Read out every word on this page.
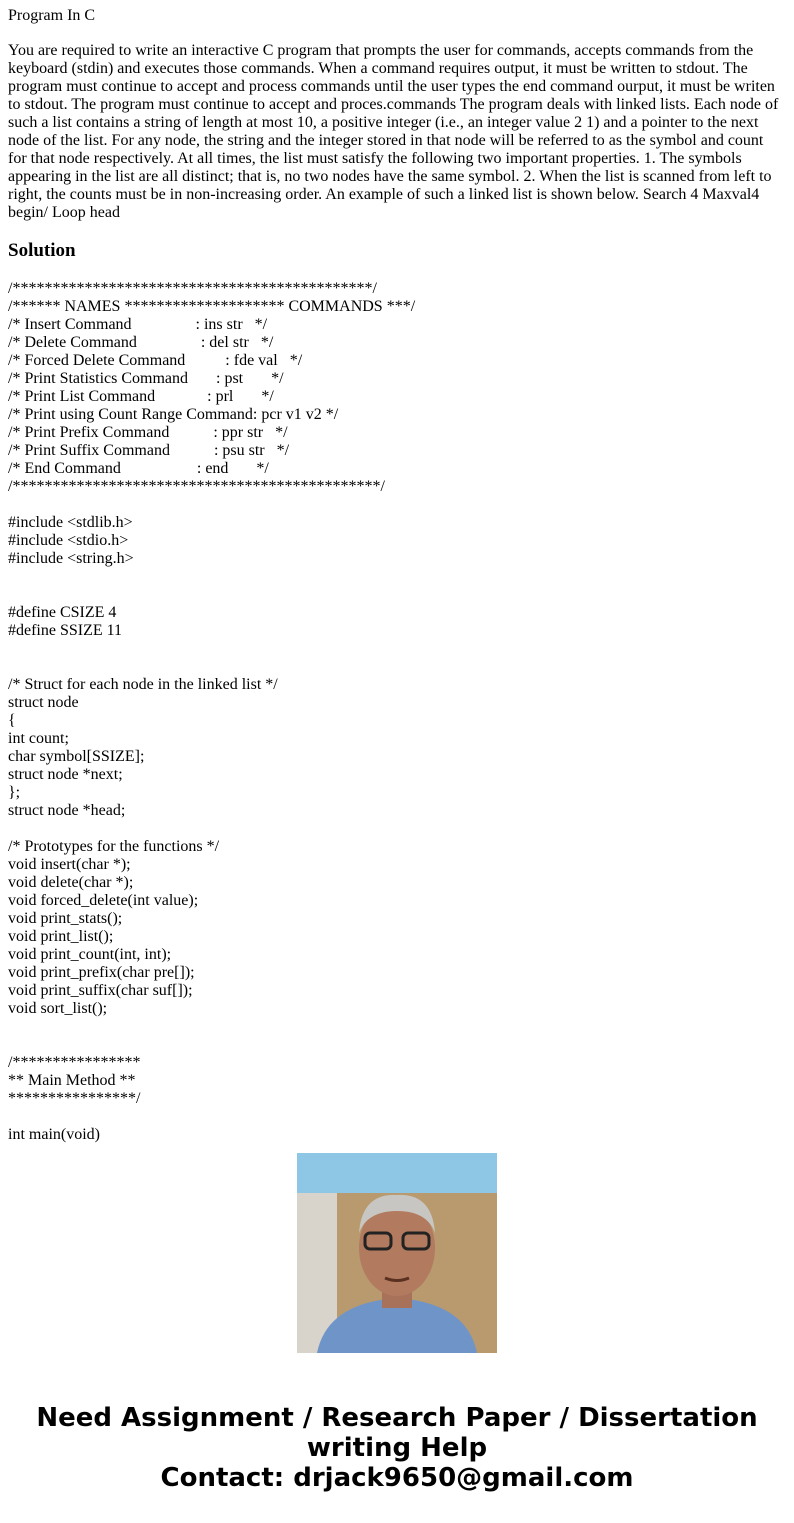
Program In C
You are required to write an interactive C program that prompts the user for commands, accepts commands from the keyboard (stdin) and executes those commands. When a command requires output, it must be written to stdout. The program must continue to accept and process commands until the user types the end command ourput, it must be writen to stdout. The program must continue to accept and proces.commands The program deals with linked lists. Each node of such a list contains a string of length at most 10, a positive integer (i.e., an integer value 2 1) and a pointer to the next node of the list. For any node, the string and the integer stored in that node will be referred to as the symbol and count for that node respectively. At all times, the list must satisfy the following two important properties. 1. The symbols appearing in the list are all distinct; that is, no two nodes have the same symbol. 2. When the list is scanned from left to right, the counts must be in non-increasing order. An example of such a linked list is shown below. Search 4 Maxval4 begin/ Loop head
Solution
/*********************************************/
/****** NAMES ******************** COMMANDS ***/
/* Insert Command                : ins str   */
/* Delete Command                : del str   */
/* Forced Delete Command          : fde val   */
/* Print Statistics Command       : pst       */
/* Print List Command             : prl       */
/* Print using Count Range Command: pcr v1 v2 */
/* Print Prefix Command           : ppr str   */
/* Print Suffix Command           : psu str   */
/* End Command                   : end       */
/**********************************************/
#include <stdlib.h>
#include <stdio.h>
#include <string.h>
#define CSIZE 4
#define SSIZE 11
/* Struct for each node in the linked list */
struct node
{
int count;
char symbol[SSIZE];
struct node *next;
};
struct node *head;
/* Prototypes for the functions */
void insert(char *);
void delete(char *);
void forced_delete(int value);
void print_stats();
void print_list();
void print_count(int, int);
void print_prefix(char pre[]);
void print_suffix(char suf[]);
void sort_list();
/****************
** Main Method **
****************/
int main(void)
Need Assignment / Research Paper / Dissertation
writing Help
Contact: drjack9650@gmail.com
